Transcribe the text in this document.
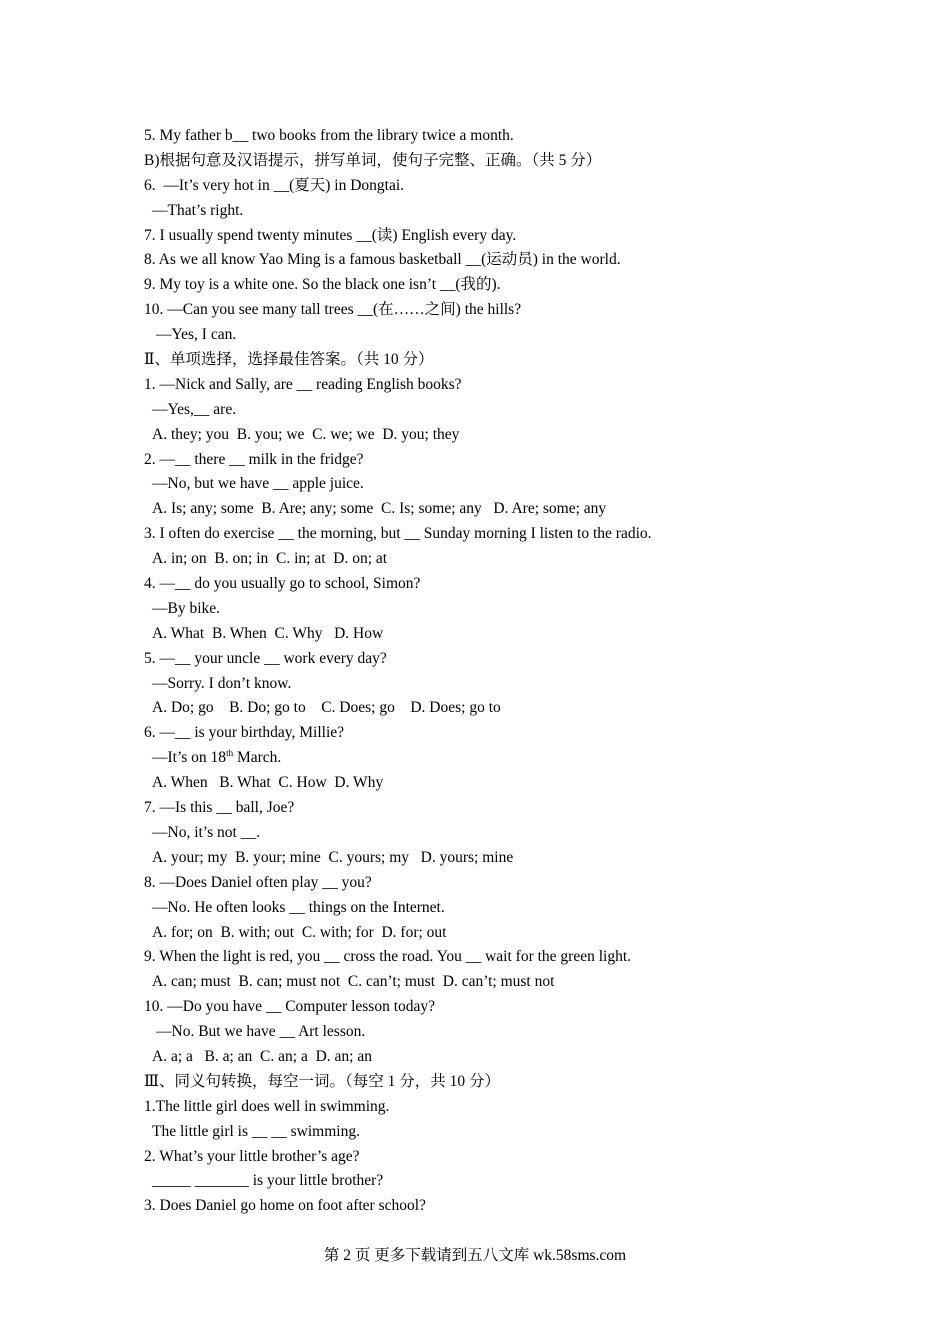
5. My father b__ two books from the library twice a month.
B)根据句意及汉语提示，拼写单词，使句子完整、正确。（共 5 分）
6.  —It’s very hot in __(夏天) in Dongtai.
—That’s right.
7. I usually spend twenty minutes __(读) English every day.
8. As we all know Yao Ming is a famous basketball __(运动员) in the world.
9. My toy is a white one. So the black one isn’t __(我的).
10. —Can you see many tall trees __(在……之间) the hills?
—Yes, I can.
Ⅱ、单项选择，选择最佳答案。（共 10 分）
1. —Nick and Sally, are __ reading English books?
—Yes,__ are.
A. they; you  B. you; we  C. we; we  D. you; they
2. —__ there __ milk in the fridge?
—No, but we have __ apple juice.
A. Is; any; some  B. Are; any; some  C. Is; some; any   D. Are; some; any
3. I often do exercise __ the morning, but __ Sunday morning I listen to the radio.
A. in; on  B. on; in  C. in; at  D. on; at
4. —__ do you usually go to school, Simon?
—By bike.
A. What  B. When  C. Why   D. How
5. —__ your uncle __ work every day?
—Sorry. I don’t know.
A. Do; go    B. Do; go to    C. Does; go    D. Does; go to
6. —__ is your birthday, Millie?
—It’s on 18th March.
A. When   B. What  C. How  D. Why
7. —Is this __ ball, Joe?
—No, it’s not __.
A. your; my  B. your; mine  C. yours; my   D. yours; mine
8. —Does Daniel often play __ you?
—No. He often looks __ things on the Internet.
A. for; on  B. with; out  C. with; for  D. for; out
9. When the light is red, you __ cross the road. You __ wait for the green light.
A. can; must  B. can; must not  C. can’t; must  D. can’t; must not
10. —Do you have __ Computer lesson today?
—No. But we have __ Art lesson.
A. a; a   B. a; an  C. an; a  D. an; an
Ⅲ、同义句转换，每空一词。（每空 1 分，共 10 分）
1.The little girl does well in swimming.
The little girl is __ __ swimming.
2. What’s your little brother’s age?
_____ _______ is your little brother?
3. Does Daniel go home on foot after school?
第 2 页 更多下载请到五八文库 wk.58sms.com
